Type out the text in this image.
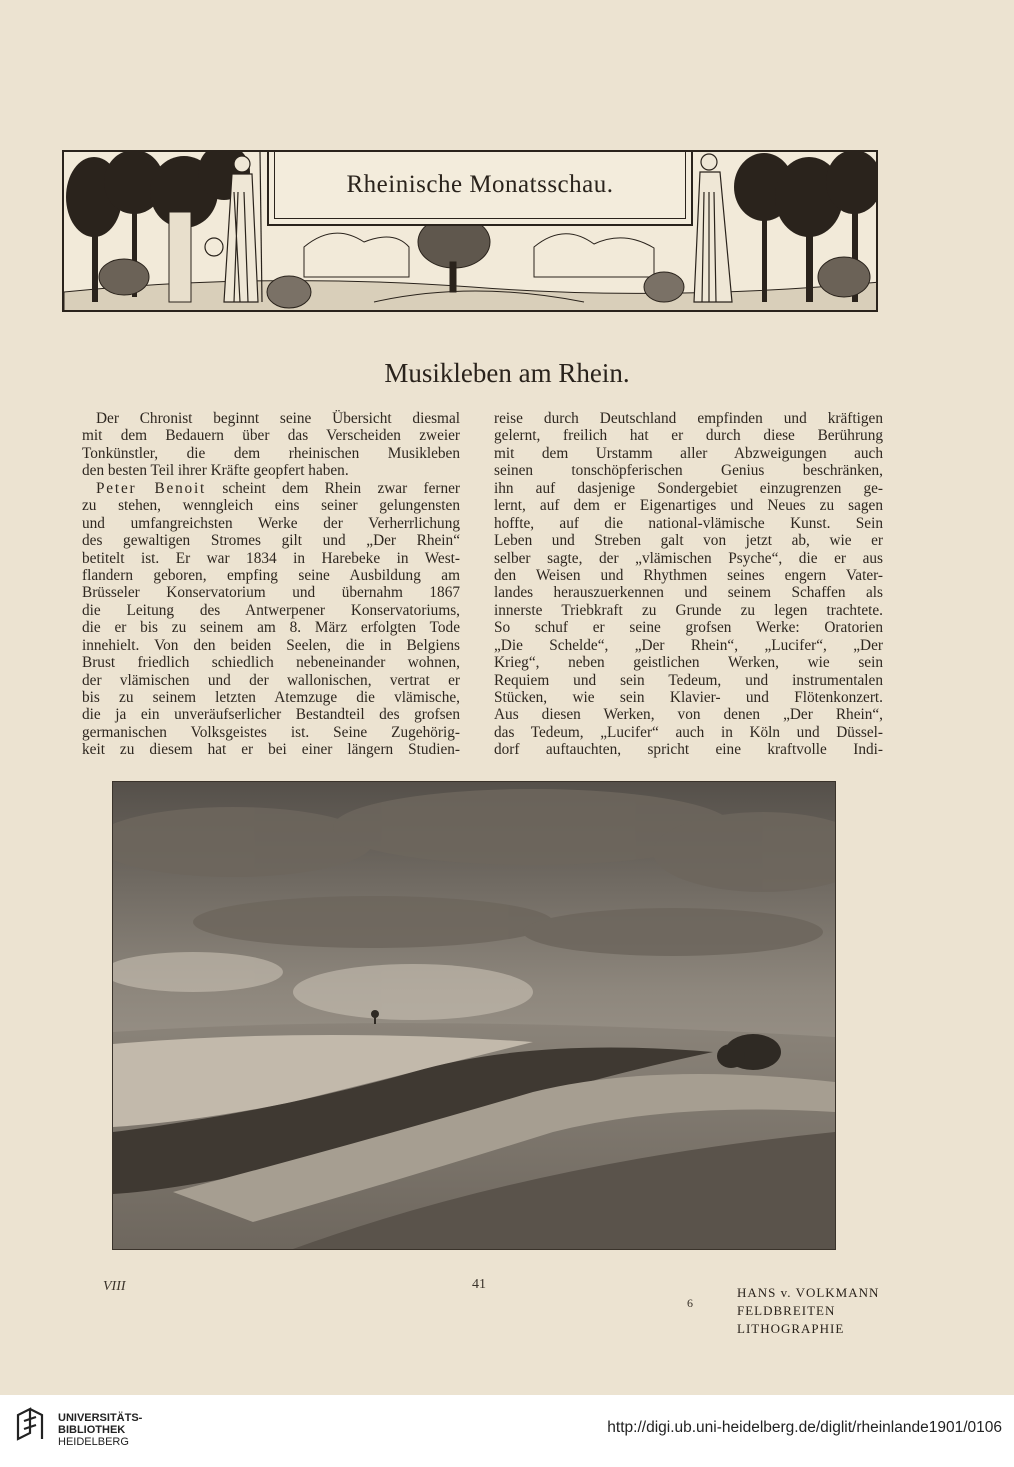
Rheinische Monatsschau.
Musikleben am Rhein.
Der Chronist beginnt seine Übersicht diesmal
mit dem Bedauern über das Verscheiden zweier
Tonkünstler, die dem rheinischen Musikleben
den besten Teil ihrer Kräfte geopfert haben.
Peter Benoit scheint dem Rhein zwar ferner
zu stehen, wenngleich eins seiner gelungensten
und umfangreichsten Werke der Verherrlichung
des gewaltigen Stromes gilt und „Der Rhein“
betitelt ist. Er war 1834 in Harebeke in West-
flandern geboren, empfing seine Ausbildung am
Brüsseler Konservatorium und übernahm 1867
die Leitung des Antwerpener Konservatoriums,
die er bis zu seinem am 8. März erfolgten Tode
innehielt. Von den beiden Seelen, die in Belgiens
Brust friedlich schiedlich nebeneinander wohnen,
der vlämischen und der wallonischen, vertrat er
bis zu seinem letzten Atemzuge die vlämische,
die ja ein unveräufserlicher Bestandteil des grofsen
germanischen Volksgeistes ist. Seine Zugehörig-
keit zu diesem hat er bei einer längern Studien-
reise durch Deutschland empfinden und kräftigen
gelernt, freilich hat er durch diese Berührung
mit dem Urstamm aller Abzweigungen auch
seinen tonschöpferischen Genius beschränken,
ihn auf dasjenige Sondergebiet einzugrenzen ge-
lernt, auf dem er Eigenartiges und Neues zu sagen
hoffte, auf die national-vlämische Kunst. Sein
Leben und Streben galt von jetzt ab, wie er
selber sagte, der „vlämischen Psyche“, die er aus
den Weisen und Rhythmen seines engern Vater-
landes herauszuerkennen und seinem Schaffen als
innerste Triebkraft zu Grunde zu legen trachtete.
So schuf er seine grofsen Werke: Oratorien
„Die Schelde“, „Der Rhein“, „Lucifer“, „Der
Krieg“, neben geistlichen Werken, wie sein
Requiem und sein Tedeum, und instrumentalen
Stücken, wie sein Klavier- und Flötenkonzert.
Aus diesen Werken, von denen „Der Rhein“,
das Tedeum, „Lucifer“ auch in Köln und Düssel-
dorf auftauchten, spricht eine kraftvolle Indi-
HANS v. VOLKMANN
FELDBREITEN
LITHOGRAPHIE
VIII	41
6
UNIVERSITÄTS-
BIBLIOTHEK
HEIDELBERG
http://digi.ub.uni-heidelberg.de/diglit/rheinlande1901/0106
